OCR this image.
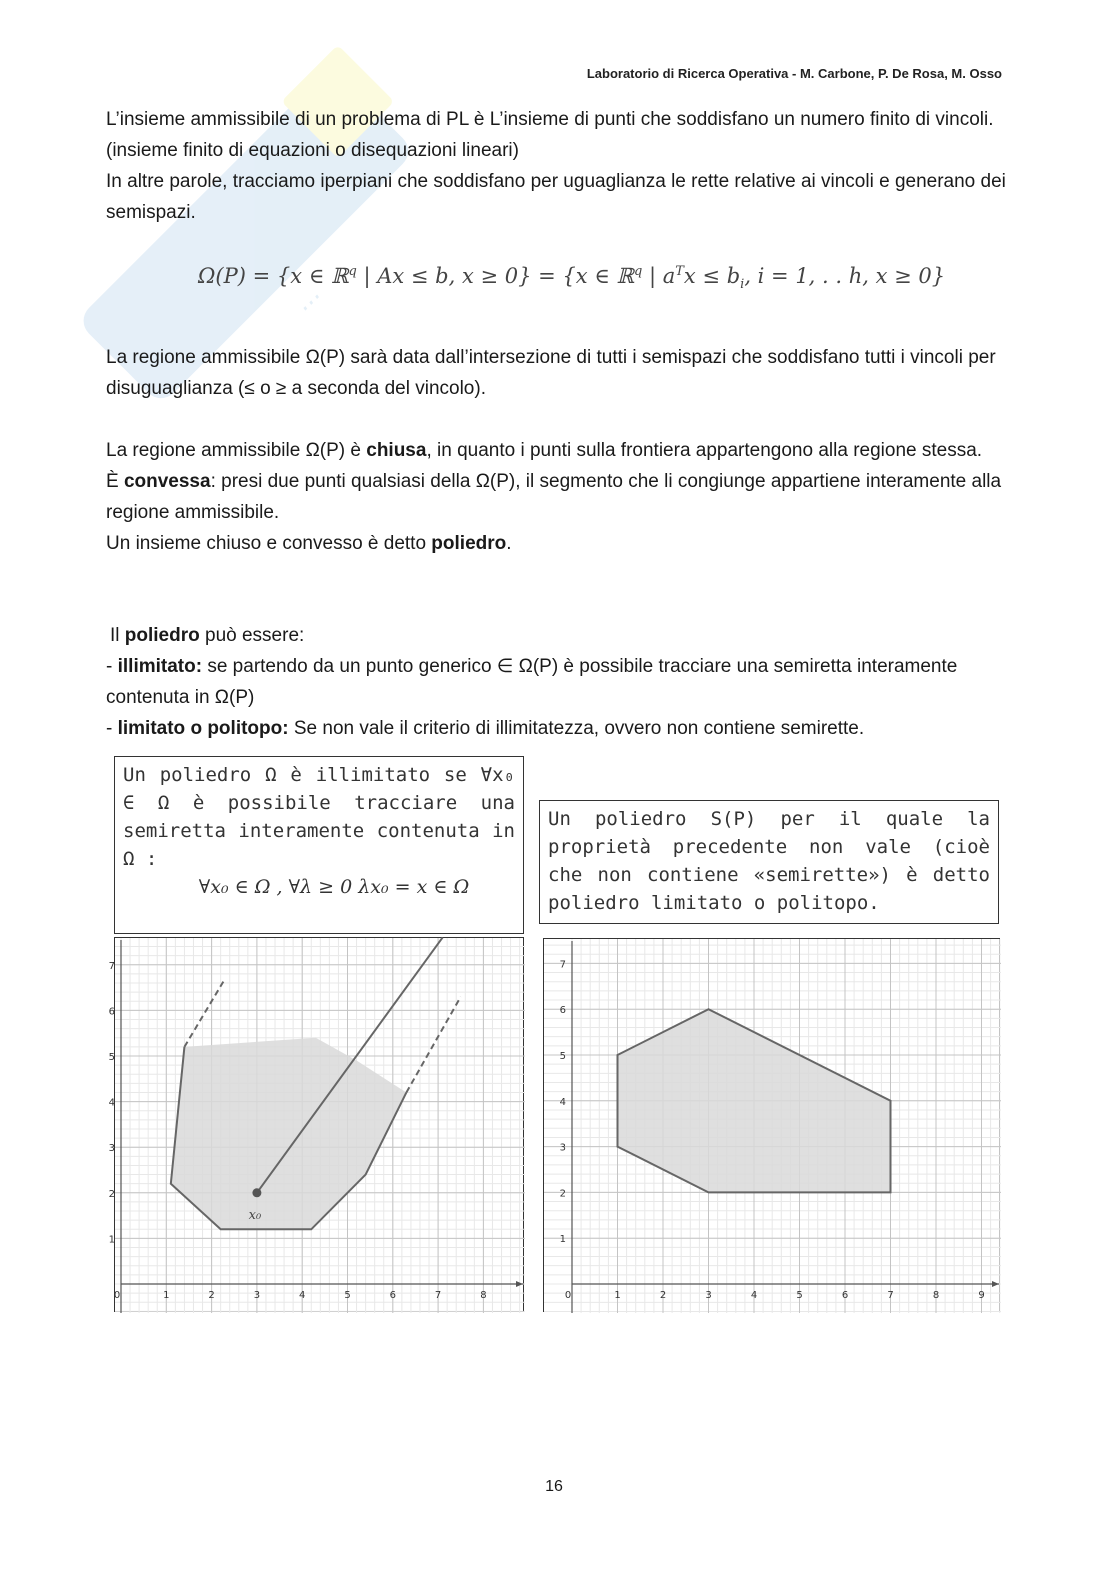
...
Laboratorio di Ricerca Operativa - M. Carbone, P. De Rosa, M. Osso

L’insieme ammissibile di un problema di PL è L’insieme di punti che soddisfano un numero finito di vincoli. (insieme finito di equazioni o disequazioni lineari)

In altre parole, tracciamo iperpiani che soddisfano per uguaglianza le rette relative ai vincoli e generano dei semispazi.

Ω(P) = {x ∈ ℝ$^q$ | Ax ≤ b, x ≥ 0} = {x ∈ ℝ$^q$ | $a^Tx \le b_i$, i = 1, . . h, x ≥ 0}

La regione ammissibile Ω(P) sarà data dall’intersezione di tutti i semispazi che soddisfano tutti i vincoli per disuguaglianza (≤ o ≥ a seconda del vincolo).

La regione ammissibile Ω(P) è chiusa, in quanto i punti sulla frontiera appartengono alla regione stessa.

È convessa: presi due punti qualsiasi della Ω(P), il segmento che li congiunge appartiene interamente alla regione ammissibile.

Un insieme chiuso e convesso è detto poliedro.

Il poliedro può essere:

- illimitato: se partendo da un punto generico ∈ Ω(P) è possibile tracciare una semiretta interamente contenuta in Ω(P)

- limitato o politopo: Se non vale il criterio di illimitatezza, ovvero non contiene semirette.

Un poliedro Ω è illimitato se ∀x₀ ∈ Ω è possibile tracciare una semiretta interamente contenuta in Ω :
∀x₀ ∈ Ω , ∀λ ≥ 0 λx₀ = x ∈ Ω
Un poliedro S(P) per il quale la proprietà precedente non vale (cioè che non contiene «semirette») è detto poliedro limitato o politopo.
0	1	2	3	4	5	6	7	8
1
2
3
4
5
6
7
x₀
0	1	2	3	4	5	6	7	8	9
1
2
3
4
5
6
7
16
